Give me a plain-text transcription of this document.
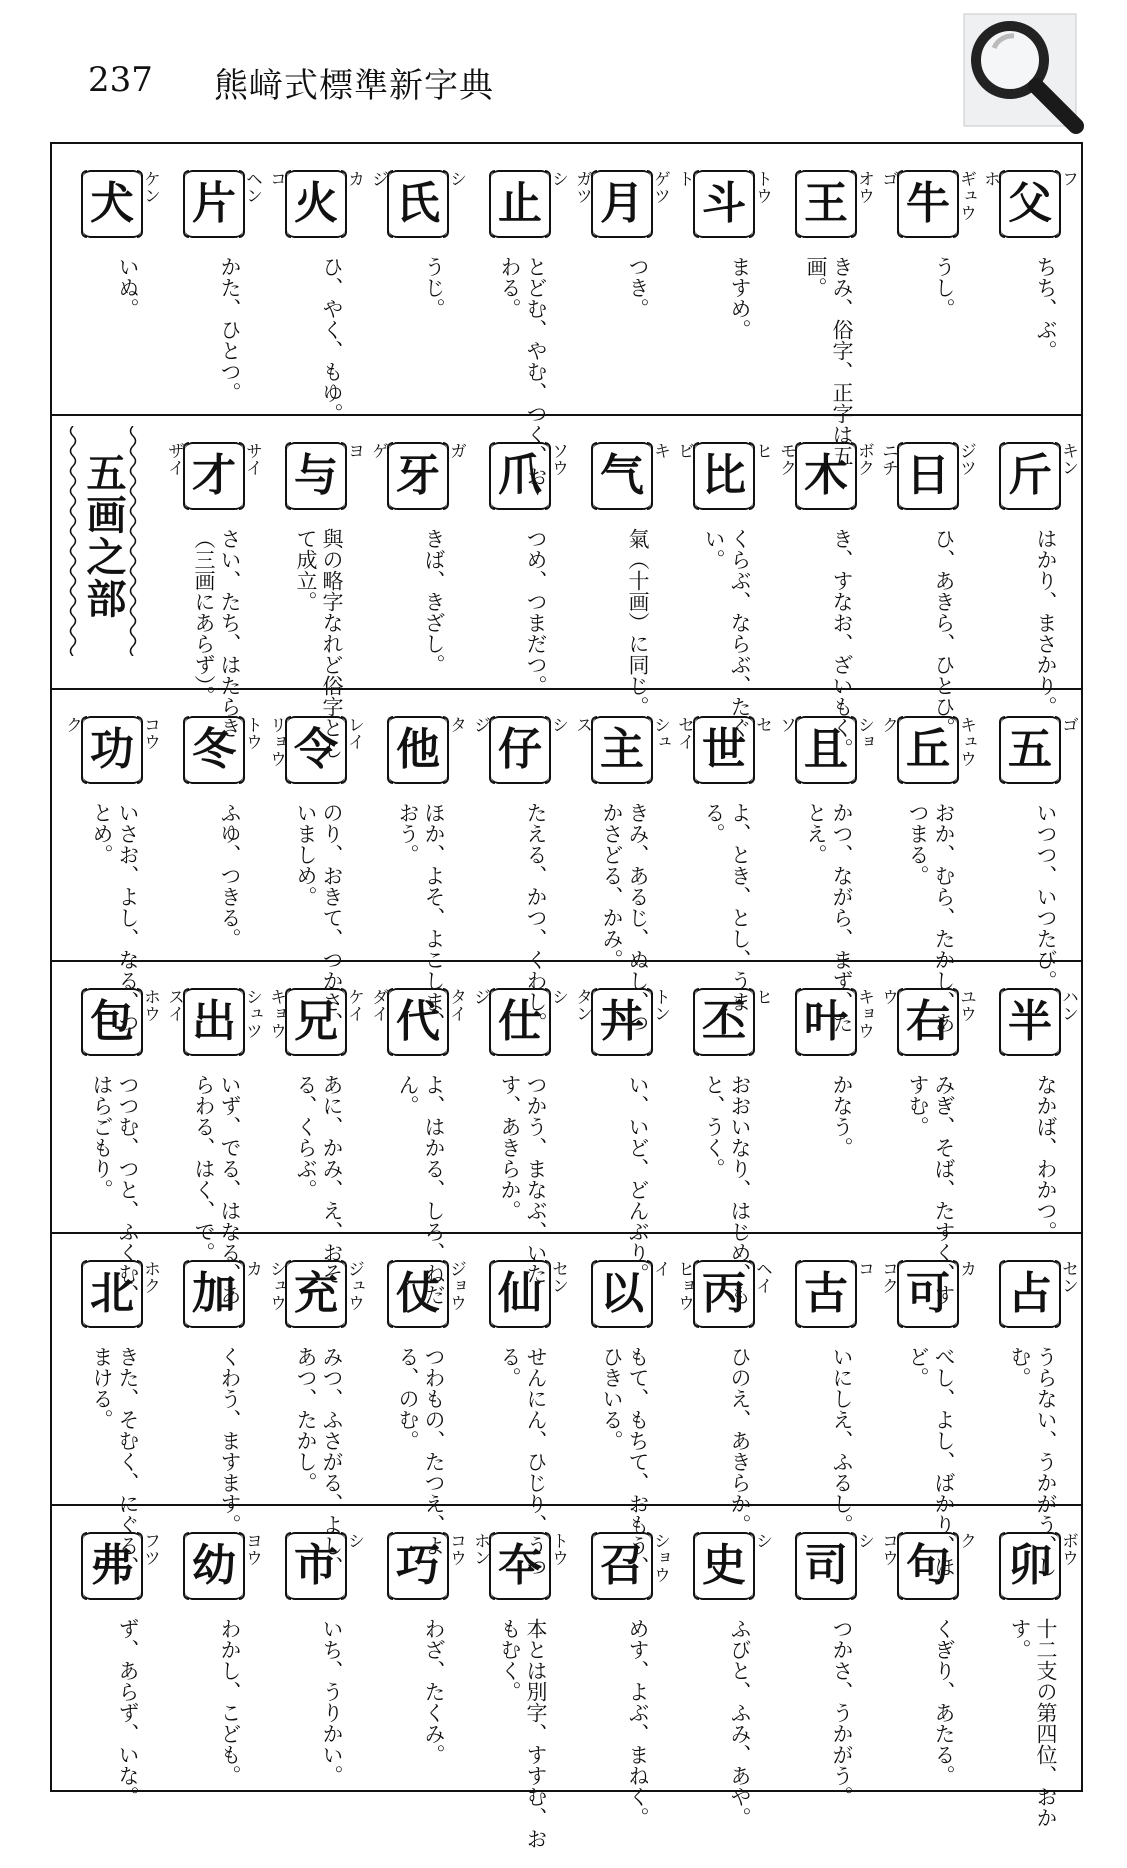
237 熊﨑式標準新字典
ホ 父 フ
ちち、ぶ。
ゴ 牛 ギュウ
うし。
王 オウ
きみ、俗字、正字は五画。
ト 斗 トウ
ますめ。
ガツ 月 ゲツ
つき。
止 シ
とどむ、やむ、つく、おわる。
ジ 氏 シ
うじ。
コ 火 カ
ひ、やく、もゆ。
片 ヘン
かた、ひとつ。
犬 ケン
いぬ。
斤 キン
はかり、まさかり。
ニチ 日 ジツ
ひ、あきら、ひとひ。
モク 木 ボク
き、すなお、ざいもく。
ビ 比 ヒ
くらぶ、ならぶ、たぐい。
气 キ
氣（十画）に同じ。
爪 ソウ
つめ、つまだつ。
ゲ 牙 ガ
きば、きざし。
与 ヨ
與の略字なれど俗字として成立。
ザイ 才 サイ
さい、たち、はたらき（三画にあらず）。
五画之部
五 ゴ
いつつ、いつたび。
ク 丘 キュウ
おか、むら、たかし、あつまる。
ソ 且 ショ
かつ、ながら、まず、たとえ。
セイ 世 セ
よ、とき、とし、うまる。
ス 主 シュ
きみ、あるじ、ぬし、つかさどる、かみ。
ジ 仔 シ
たえる、かつ、くわし。
他 タ
ほか、よそ、よこしま、おう。
リョウ 令 レイ
のり、おきて、つかさ、いましめ。
冬 トウ
ふゆ、つきる。
ク 功 コウ
いさお、よし、なる、つとめ。
半 ハン
なかば、わかつ。
ウ 右 ユウ
みぎ、そば、たすく、すすむ。
叶 キョウ
かなう。
丕 ヒ
おおいなり、はじめ、もと、うく。
タン 丼 トン
い、いど、どんぶり。
ジ 仕 シ
つかう、まなぶ、いたす、あきらか。
ダイ 代 タイ
よ、はかる、しろ、ねだん。
キョウ 兄 ケイ
あに、かみ、え、おそる、くらぶ。
スイ 出 シュツ
いず、でる、はなる、あらわる、はく、で。
包 ホウ
つつむ、つと、ふくむ、はらごもり。
占 セン
うらない、うかがう、しむ。
コク 可 カ
べし、よし、ばかり、ほど。
古 コ
いにしえ、ふるし。
ヒョウ 丙 ヘイ
ひのえ、あきらか。
以 イ
もて、もちて、おもう、ひきいる。
仙 セン
せんにん、ひじり、うつる。
仗 ジョウ
つわもの、たつえ、よる、のむ。
シュウ 充 ジュウ
みつ、ふさがる、よし、あつ、たかし。
加 カ
くわう、ますます。
北 ホク
きた、そむく、にぐる、まける。
卯 ボウ
十二支の第四位、おかす。
コウ 句 ク
くぎり、あたる。
司 シ
つかさ、うかがう。
史 シ
ふびと、ふみ、あや。
召 ショウ
めす、よぶ、まねく。
ホン 夲 トウ
本とは別字、すすむ、おもむく。
巧 コウ
わざ、たくみ。
市 シ
いち、うりかい。
幼 ヨウ
わかし、こども。
弗 フツ
ず、あらず、いな。
